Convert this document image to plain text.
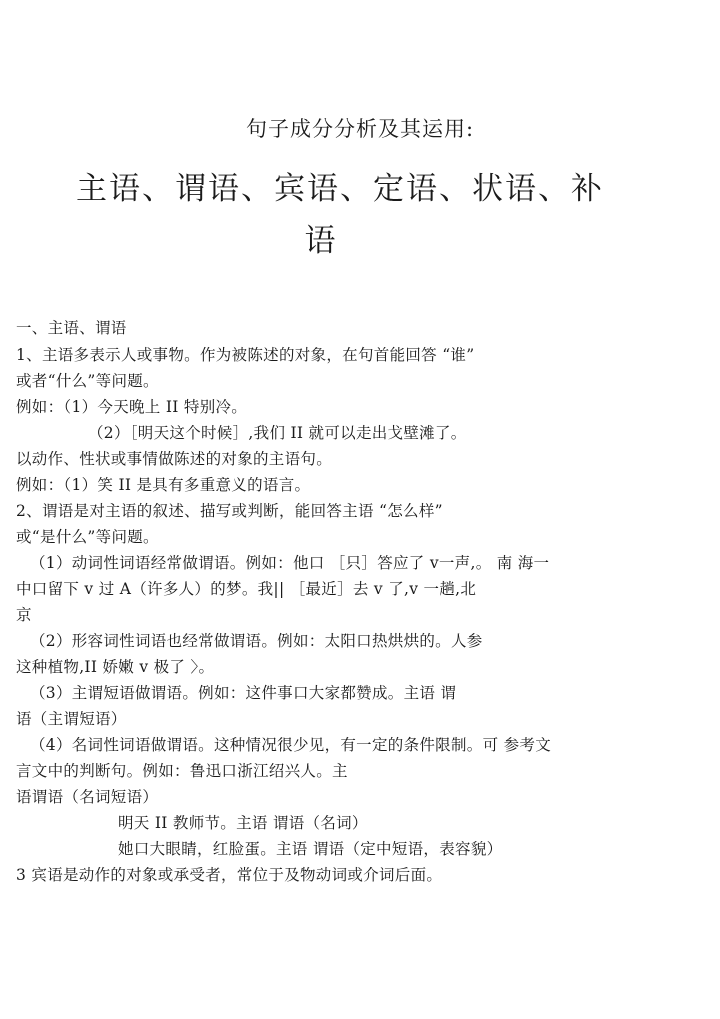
句子成分分析及其运用:
主语、谓语、宾语、定语、状语、补
语
一、主语、谓语
1、主语多表示人或事物。作为被陈述的对象，在句首能回答 “谁”
或者“什么”等问题。
例如：（1）今天晚上 II 特别冷。
（2）［明天这个时候］,我们 II 就可以走出戈壁滩了。
以动作、性状或事情做陈述的对象的主语句。
例如：（1）笑 II 是具有多重意义的语言。
2、谓语是对主语的叙述、描写或判断，能回答主语 “怎么样”
或“是什么”等问题。
（1）动词性词语经常做谓语。例如：他口 ［只］答应了 v一声,。 南 海一
中口留下 v 过 A（许多人）的梦。我|| ［最近］去 v 了,v 一趟,北
京
（2）形容词性词语也经常做谓语。例如：太阳口热烘烘的。人参
这种植物,II 娇嫩 v 极了 〉。
（3）主谓短语做谓语。例如：这件事口大家都赞成。主语 谓
语（主谓短语）
（4）名词性词语做谓语。这种情况很少见，有一定的条件限制。可 参考文
言文中的判断句。例如：鲁迅口浙江绍兴人。主
语谓语（名词短语）
明天 II 教师节。主语 谓语（名词）
她口大眼睛，红脸蛋。主语 谓语（定中短语，表容貌）
3 宾语是动作的对象或承受者，常位于及物动词或介词后面。
